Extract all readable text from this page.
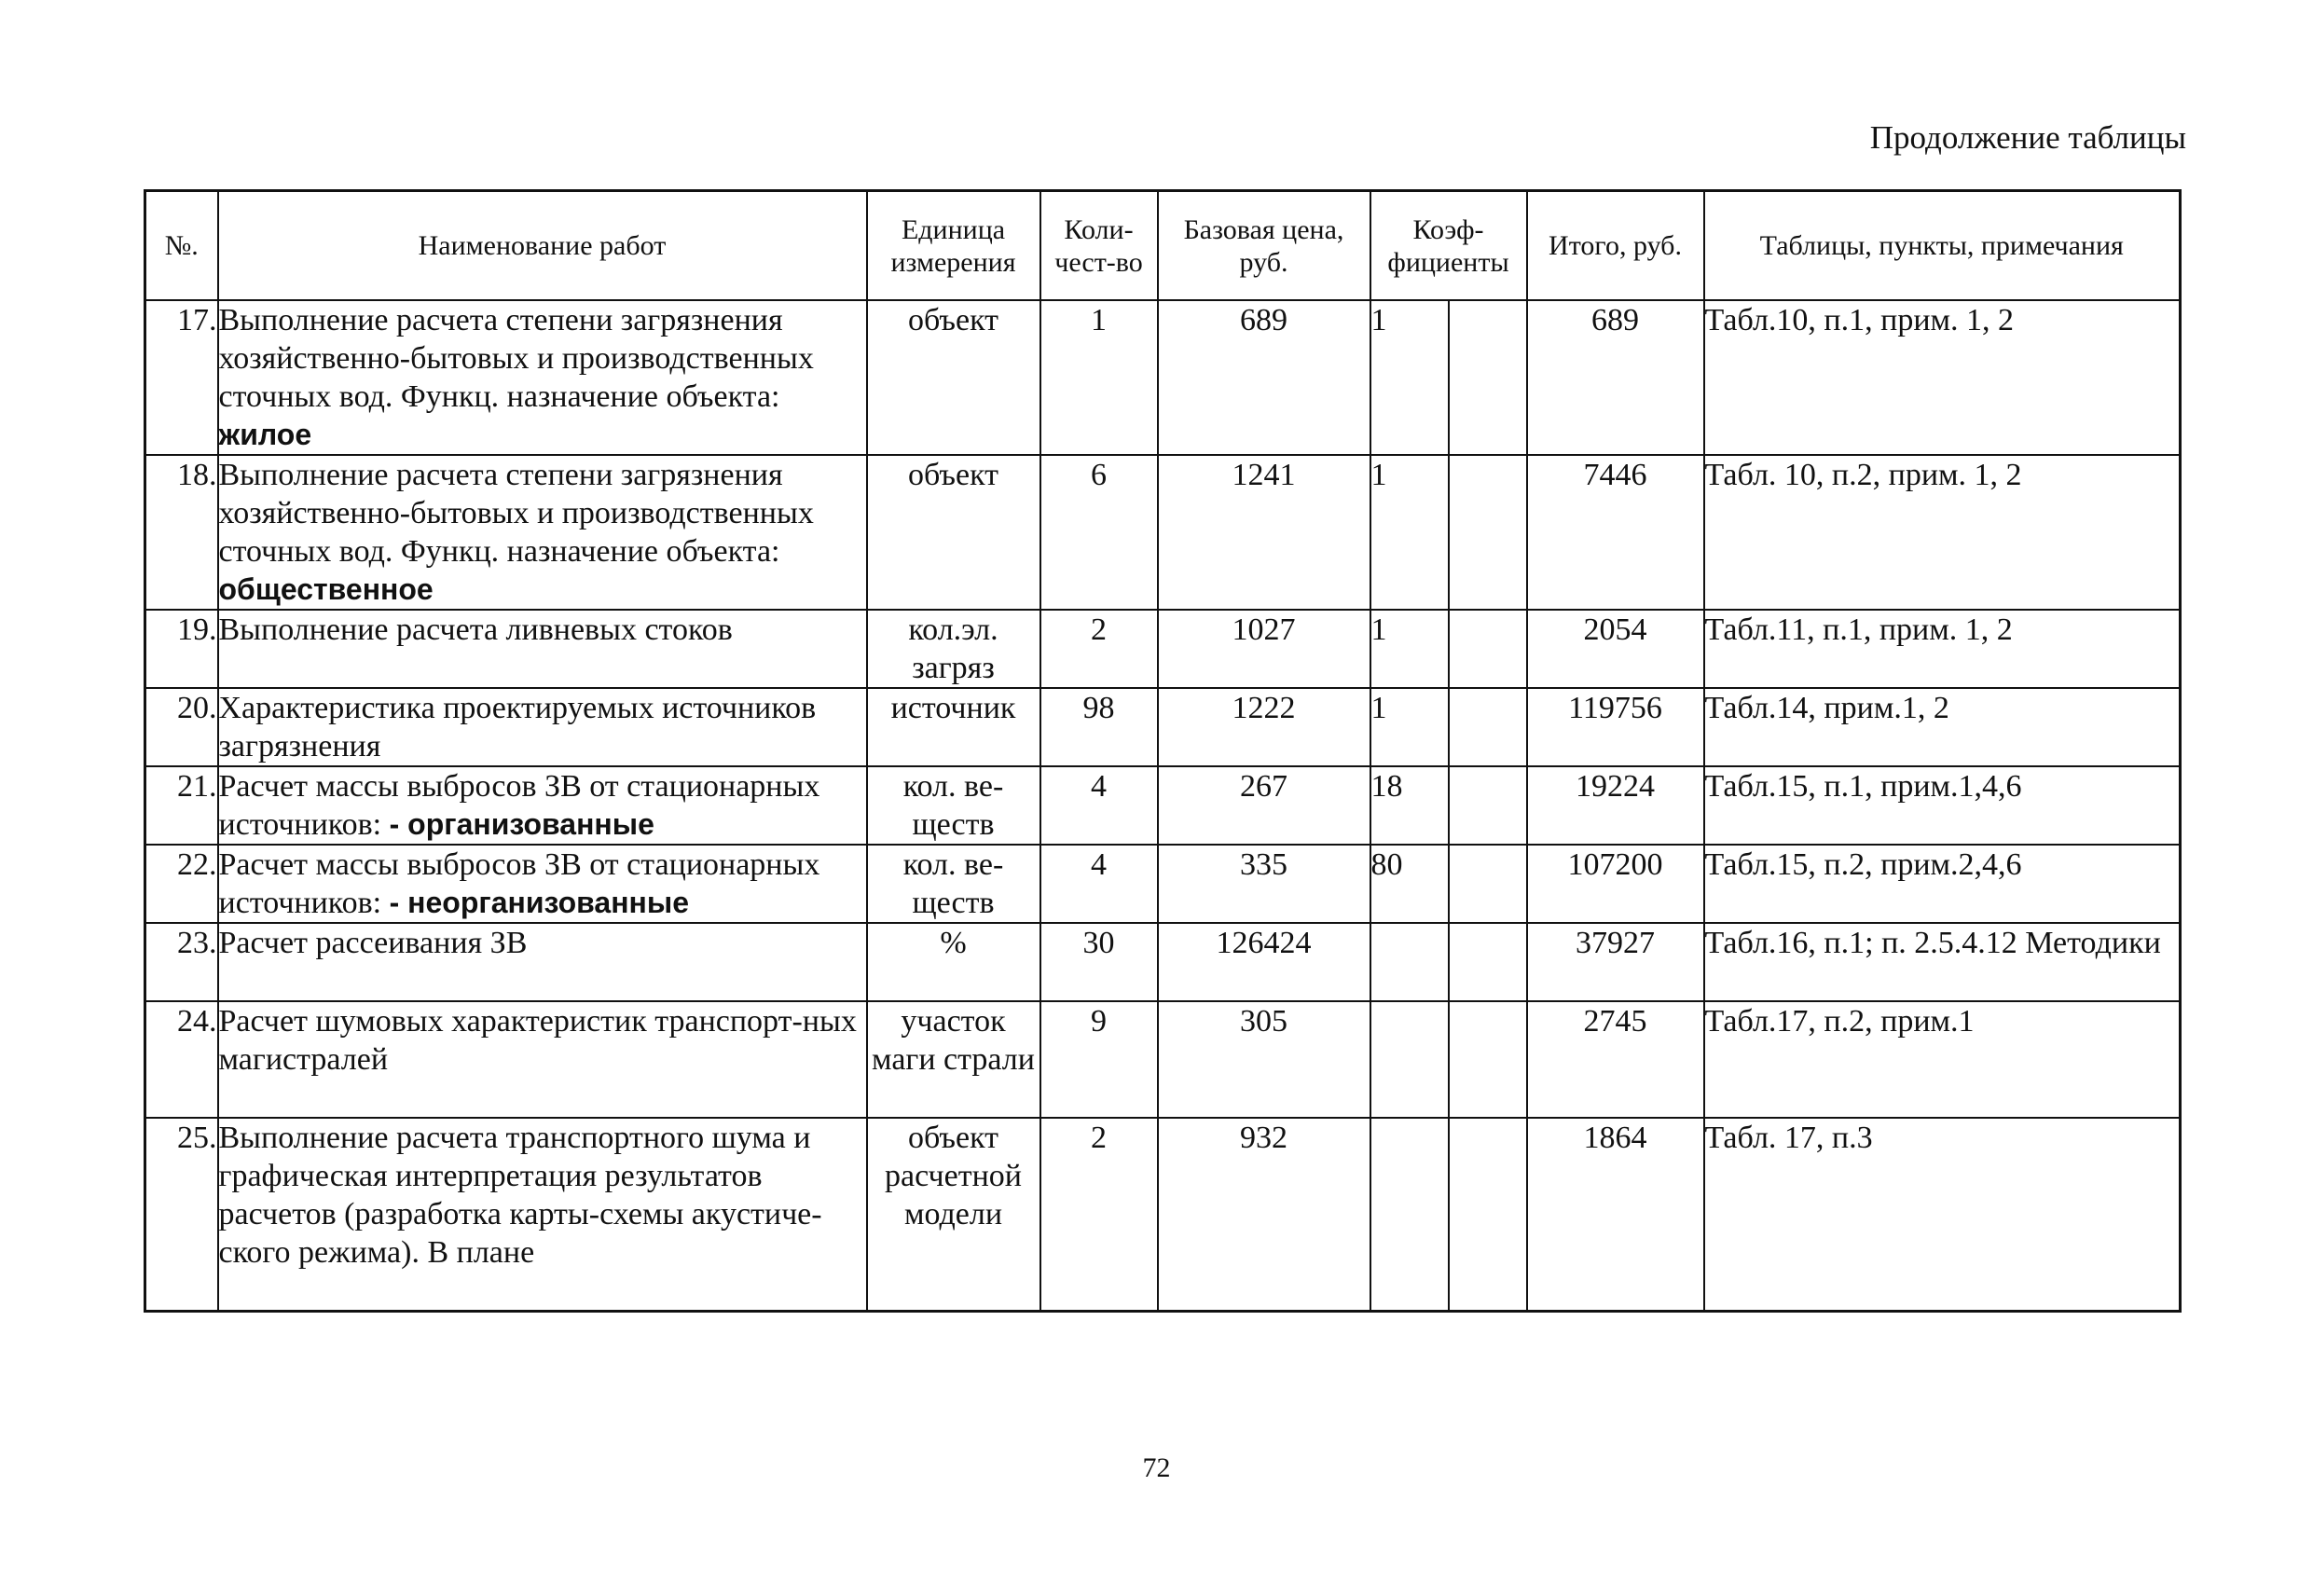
Продолжение таблицы
№.	Наименование работ	Единица измерения	Коли-чест-во	Базовая цена, руб.	Коэф-фициенты		Итого, руб.	Таблицы, пункты, примечания
17.	Выполнение расчета степени загрязнения хозяйственно-бытовых и производственных сточных вод. Функц. назначение объекта: жилое	объект	1	689	1		689	Табл.10, п.1, прим. 1, 2
18.	Выполнение расчета степени загрязнения хозяйственно-бытовых и производственных сточных вод. Функц. назначение объекта: общественное	объект	6	1241	1		7446	Табл. 10, п.2, прим. 1, 2
19.	Выполнение расчета ливневых стоков	кол.эл. загряз	2	1027	1		2054	Табл.11, п.1, прим. 1, 2
20.	Характеристика проектируемых источников загрязнения	источник	98	1222	1		119756	Табл.14, прим.1, 2
21.	Расчет массы выбросов ЗВ от стационарных источников: - организованные	кол. ве-ществ	4	267	18		19224	Табл.15, п.1, прим.1,4,6
22.	Расчет массы выбросов ЗВ от стационарных источников: - неорганизованные	кол. ве-ществ	4	335	80		107200	Табл.15, п.2, прим.2,4,6
23.	Расчет рассеивания ЗВ	%	30	126424			37927	Табл.16, п.1; п. 2.5.4.12 Методики
24.	Расчет шумовых характеристик транспорт-ных магистралей	участок маги страли	9	305			2745	Табл.17, п.2, прим.1
25.	Выполнение расчета транспортного шума и графическая интерпретация результатов расчетов (разработка карты-схемы акустиче-ского режима). В плане	объект расчетной модели	2	932			1864	Табл. 17, п.3
72
